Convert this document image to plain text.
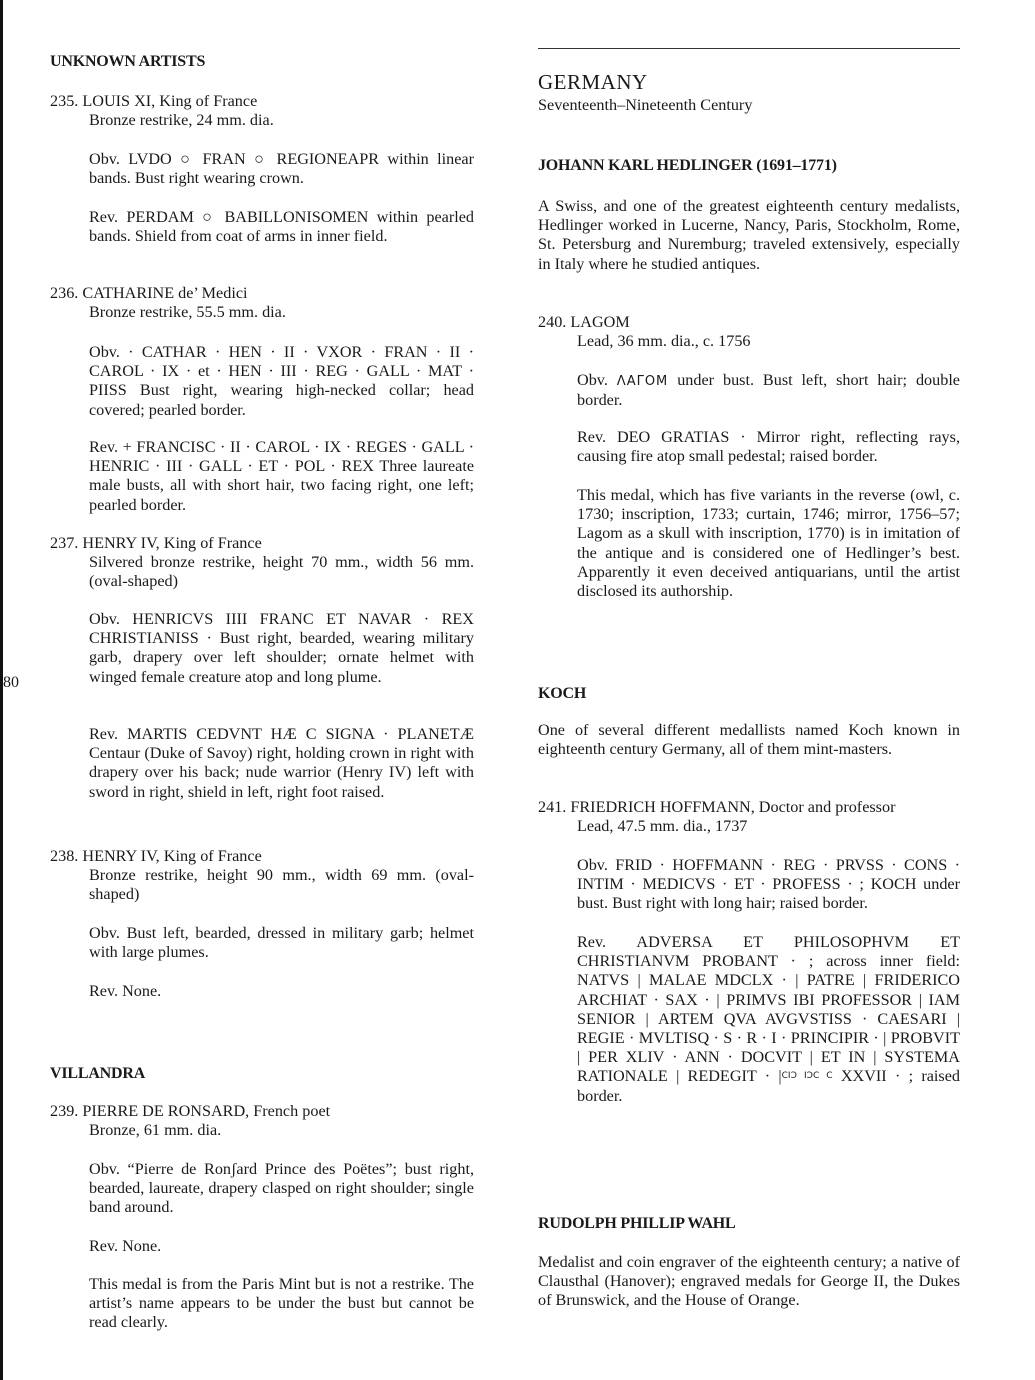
80
UNKNOWN ARTISTS
235. LOUIS XI, King of France
Bronze restrike, 24 mm. dia.
Obv. LVDO ○ FRAN ○ REGIONEAPR within linear bands. Bust right wearing crown.
Rev. PERDAM ○ BABILLONISOMEN within pearled bands. Shield from coat of arms in inner field.
236. CATHARINE de’ Medici
Bronze restrike, 55.5 mm. dia.
Obv. · CATHAR · HEN · II · VXOR · FRAN · II · CAROL · IX · et · HEN · III · REG · GALL · MAT · PIISS Bust right, wearing high-necked collar; head covered; pearled border.
Rev. + FRANCISC · II · CAROL · IX · REGES · GALL · HENRIC · III · GALL · ET · POL · REX Three laureate male busts, all with short hair, two facing right, one left; pearled border.
237. HENRY IV, King of France
Silvered bronze restrike, height 70 mm., width 56 mm. (oval-shaped)
Obv. HENRICVS IIII FRANC ET NAVAR · REX CHRISTIANISS · Bust right, bearded, wearing military garb, drapery over left shoulder; ornate helmet with winged female creature atop and long plume.
Rev. MARTIS CEDVNT HÆ C SIGNA · PLANETÆ Centaur (Duke of Savoy) right, holding crown in right with drapery over his back; nude warrior (Henry IV) left with sword in right, shield in left, right foot raised.
238. HENRY IV, King of France
Bronze restrike, height 90 mm., width 69 mm. (oval-shaped)
Obv. Bust left, bearded, dressed in military garb; helmet with large plumes.
Rev. None.
VILLANDRA
239. PIERRE DE RONSARD, French poet
Bronze, 61 mm. dia.
Obv. “Pierre de Ronʃard Prince des Poëtes”; bust right, bearded, laureate, drapery clasped on right shoulder; single band around.
Rev. None.
This medal is from the Paris Mint but is not a restrike. The artist’s name appears to be under the bust but cannot be read clearly.
GERMANY
Seventeenth–Nineteenth Century
JOHANN KARL HEDLINGER (1691–1771)
A Swiss, and one of the greatest eighteenth century medalists, Hedlinger worked in Lucerne, Nancy, Paris, Stockholm, Rome, St. Petersburg and Nuremburg; traveled extensively, especially in Italy where he studied antiques.
240. LAGOM
Lead, 36 mm. dia., c. 1756
Obv. ΛΑΓΟΜ under bust. Bust left, short hair; double border.
Rev. DEO GRATIAS · Mirror right, reflecting rays, causing fire atop small pedestal; raised border.
This medal, which has five variants in the reverse (owl, c. 1730; inscription, 1733; curtain, 1746; mirror, 1756–57; Lagom as a skull with inscription, 1770) is in imitation of the antique and is considered one of Hedlinger’s best. Apparently it even deceived antiquarians, until the artist disclosed its authorship.
KOCH
One of several different medallists named Koch known in eighteenth century Germany, all of them mint-masters.
241. FRIEDRICH HOFFMANN, Doctor and professor
Lead, 47.5 mm. dia., 1737
Obv. FRID · HOFFMANN · REG · PRVSS · CONS · INTIM · MEDICVS · ET · PROFESS · ; KOCH under bust. Bust right with long hair; raised border.
Rev. ADVERSA ET PHILOSOPHVM ET CHRISTIANVM PROBANT · ; across inner field: NATVS | MALAE MDCLX · | PATRE | FRIDERICO ARCHIAT · SAX · | PRIMVS IBI PROFESSOR | IAM SENIOR | ARTEM QVA AVGVSTISS · CAESARI | REGIE · MVLTISQ · S · R · I · PRINCIPIR · | PROBVIT | PER XLIV · ANN · DOCVIT | ET IN | SYSTEMA RATIONALE | REDEGIT · |CIϽ IϽC C XXVII · ; raised border.
RUDOLPH PHILLIP WAHL
Medalist and coin engraver of the eighteenth century; a native of Clausthal (Hanover); engraved medals for George II, the Dukes of Brunswick, and the House of Orange.
